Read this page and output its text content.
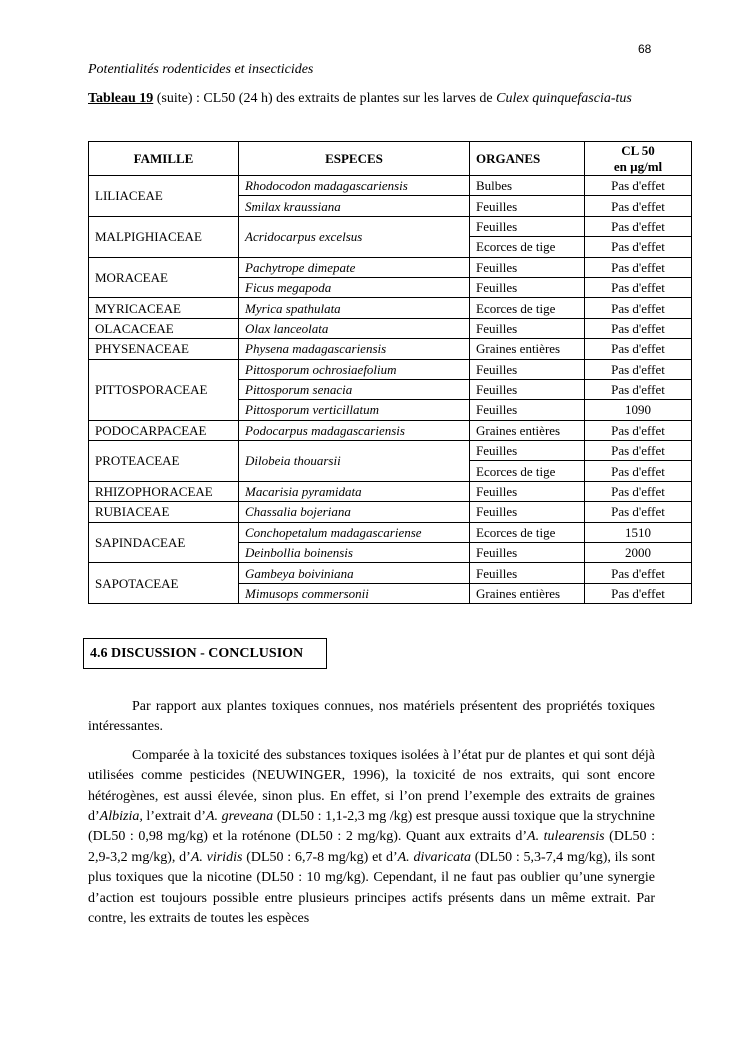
68
Potentialités rodenticides et insecticides
Tableau 19 (suite) : CL50 (24 h) des extraits de plantes sur les larves de Culex quinquefascia-tus
FAMILLE	ESPECES	ORGANES	CL 50
en µg/ml
LILIACEAE	Rhodocodon madagascariensis	Bulbes	Pas d'effet
	Smilax kraussiana	Feuilles	Pas d'effet
MALPIGHIACEAE	Acridocarpus excelsus	Feuilles	Pas d'effet
		Ecorces de tige	Pas d'effet
MORACEAE	Pachytrope dimepate	Feuilles	Pas d'effet
	Ficus megapoda	Feuilles	Pas d'effet
MYRICACEAE	Myrica spathulata	Ecorces de tige	Pas d'effet
OLACACEAE	Olax lanceolata	Feuilles	Pas d'effet
PHYSENACEAE	Physena madagascariensis	Graines entières	Pas d'effet
PITTOSPORACEAE	Pittosporum ochrosiaefolium	Feuilles	Pas d'effet
	Pittosporum senacia	Feuilles	Pas d'effet
	Pittosporum verticillatum	Feuilles	1090
PODOCARPACEAE	Podocarpus madagascariensis	Graines entières	Pas d'effet
PROTEACEAE	Dilobeia thouarsii	Feuilles	Pas d'effet
		Ecorces de tige	Pas d'effet
RHIZOPHORACEAE	Macarisia pyramidata	Feuilles	Pas d'effet
RUBIACEAE	Chassalia bojeriana	Feuilles	Pas d'effet
SAPINDACEAE	Conchopetalum madagascariense	Ecorces de tige	1510
	Deinbollia boinensis	Feuilles	2000
SAPOTACEAE	Gambeya boiviniana	Feuilles	Pas d'effet
	Mimusops commersonii	Graines entières	Pas d'effet
4.6 DISCUSSION - CONCLUSION

Par rapport aux plantes toxiques connues, nos matériels présentent des propriétés toxiques intéressantes.

Comparée à la toxicité des substances toxiques isolées à l’état pur de plantes et qui sont déjà utilisées comme pesticides (NEUWINGER, 1996), la toxicité de nos extraits, qui sont encore hétérogènes, est aussi élevée, sinon plus. En effet, si l’on prend l’exemple des extraits de graines d’Albizia, l’extrait d’A. greveana (DL50 : 1,1-2,3 mg /kg) est presque aussi toxique que la strychnine (DL50 : 0,98 mg/kg) et la roténone (DL50 : 2 mg/kg). Quant aux extraits d’A. tulearensis (DL50 : 2,9-3,2 mg/kg), d’A. viridis (DL50 : 6,7-8 mg/kg) et d’A. divaricata (DL50 : 5,3-7,4 mg/kg), ils sont plus toxiques que la nicotine (DL50 : 10 mg/kg). Cependant, il ne faut pas oublier qu’une synergie d’action est toujours possible entre plusieurs principes actifs présents dans un même extrait. Par contre, les extraits de toutes les espèces
